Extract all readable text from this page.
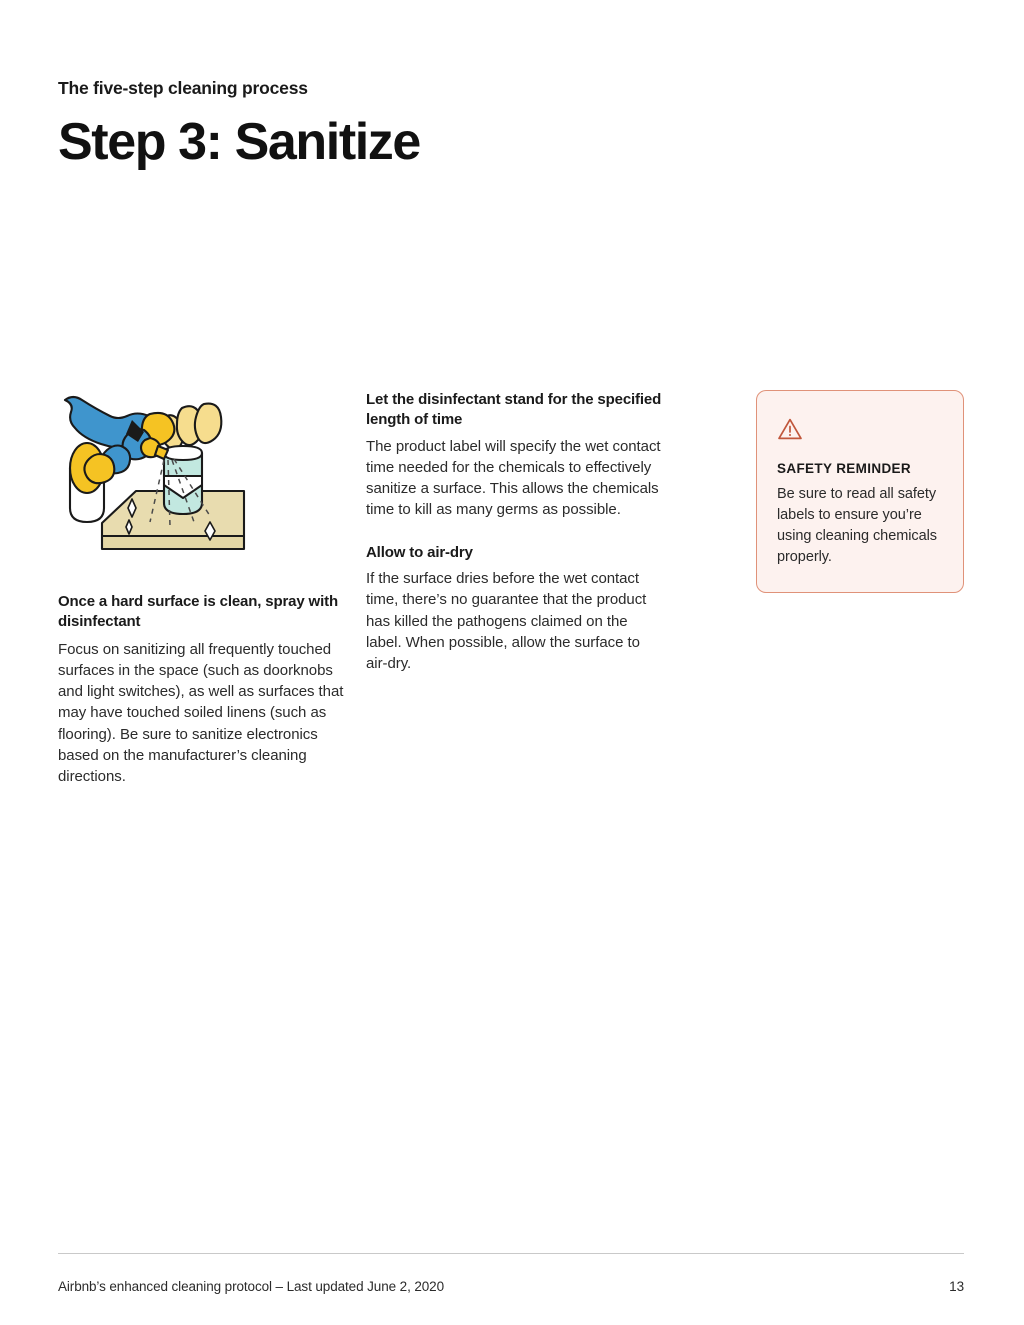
The five-step cleaning process
Step 3: Sanitize
Once a hard surface is clean, spray with disinfectant

Focus on sanitizing all frequently touched surfaces in the space (such as doorknobs and light switches), as well as surfaces that may have touched soiled linens (such as flooring). Be sure to sanitize electronics based on the manufacturer’s cleaning directions.

Let the disinfectant stand for the specified length of time

The product label will specify the wet contact time needed for the chemicals to effectively sanitize a surface. This allows the chemicals time to kill as many germs as possible.

Allow to air-dry

If the surface dries before the wet contact time, there’s no guarantee that the product has killed the pathogens claimed on the label. When possible, allow the surface to air-dry.

SAFETY REMINDER

Be sure to read all safety labels to ensure you’re using cleaning chemicals properly.

Airbnb’s enhanced cleaning protocol – Last updated June 2, 2020	13
